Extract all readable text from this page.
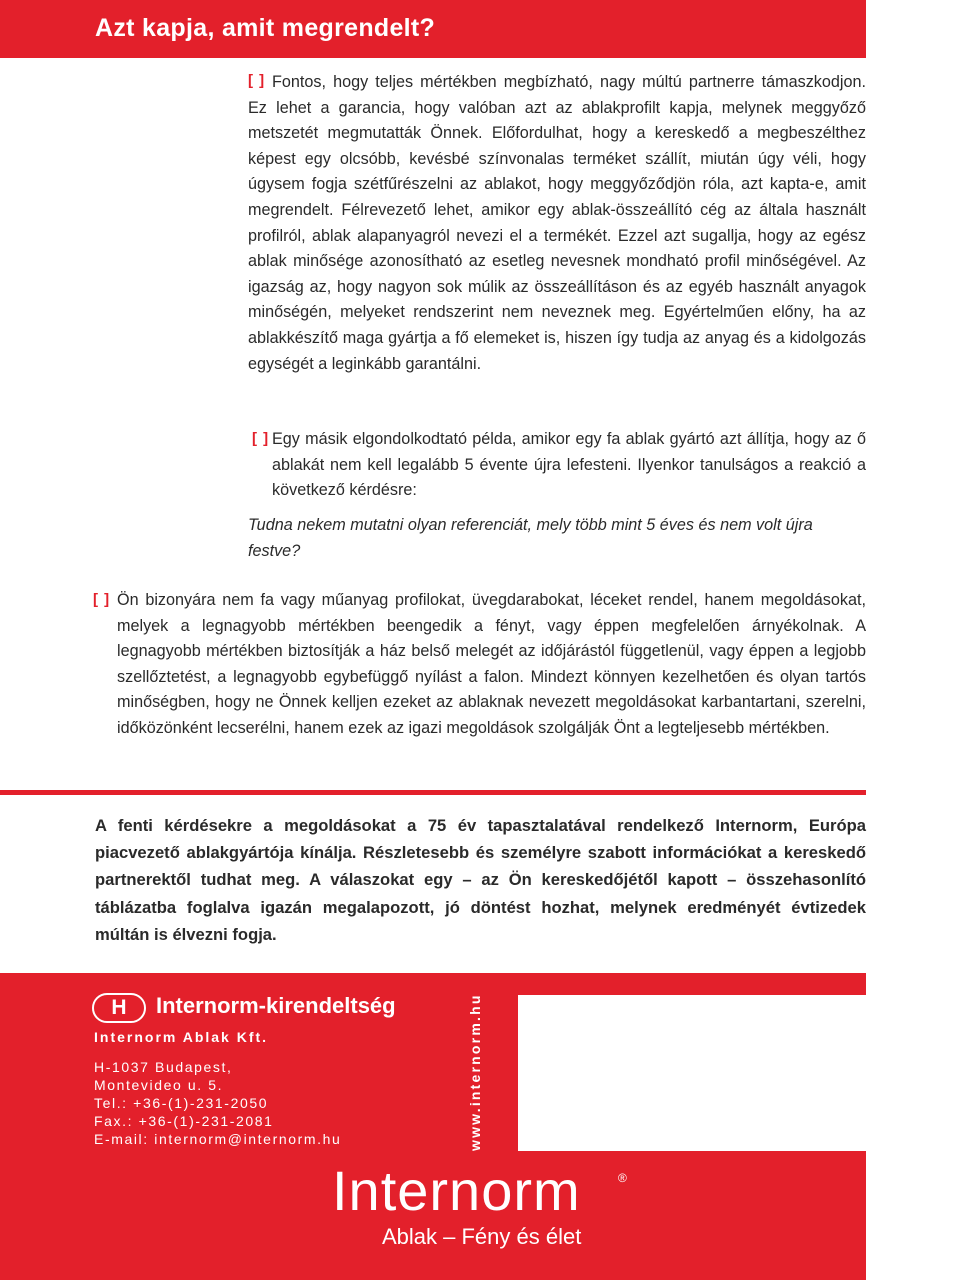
Azt kapja, amit megrendelt?
[ ] Fontos, hogy teljes mértékben megbízható, nagy múltú partnerre támaszkodjon. Ez lehet a garancia, hogy valóban azt az ablakprofilt kapja, melynek meggyőző metszetét megmutatták Önnek. Előfordulhat, hogy a kereskedő a megbeszélthez képest egy olcsóbb, kevésbé színvonalas terméket szállít, miután úgy véli, hogy úgysem fogja szétfűrészelni az ablakot, hogy meggyőződjön róla, azt kapta-e, amit megrendelt. Félrevezető lehet, amikor egy ablak-összeállító cég az általa használt profilról, ablak alapanyagról nevezi el a termékét. Ezzel azt sugallja, hogy az egész ablak minősége azonosítható az esetleg nevesnek mondható profil minőségével. Az igazság az, hogy nagyon sok múlik az összeállításon és az egyéb használt anyagok minőségén, melyeket rendszerint nem neveznek meg. Egyértelműen előny, ha az ablakkészítő maga gyártja a fő elemeket is, hiszen így tudja az anyag és a kidolgozás egységét a leginkább garantálni.

[ ] Egy másik elgondolkodtató példa, amikor egy fa ablak gyártó azt állítja, hogy az ő ablakát nem kell legalább 5 évente újra lefesteni. Ilyenkor tanulságos a reakció a következő kérdésre:

Tudna nekem mutatni olyan referenciát, mely több mint 5 éves és nem volt újra festve?

[ ] Ön bizonyára nem fa vagy műanyag profilokat, üvegdarabokat, léceket rendel, hanem megoldásokat, melyek a legnagyobb mértékben beengedik a fényt, vagy éppen megfelelően árnyékolnak. A legnagyobb mértékben biztosítják a ház belső melegét az időjárástól függetlenül, vagy éppen a legjobb szellőztetést, a legnagyobb egybefüggő nyílást a falon. Mindezt könnyen kezelhetően és olyan tartós minőségben, hogy ne Önnek kelljen ezeket az ablaknak nevezett megoldásokat karbantartani, szerelni, időközönként lecserélni, hanem ezek az igazi megoldások szolgálják Önt a legteljesebb mértékben.

A fenti kérdésekre a megoldásokat a 75 év tapasztalatával rendelkező Internorm, Európa piacvezető ablakgyártója kínálja. Részletesebb és személyre szabott információkat a kereskedő partnerektől tudhat meg. A válaszokat egy – az Ön kereskedőjétől kapott – összehasonlító táblázatba foglalva igazán megalapozott, jó döntést hozhat, melynek eredményét évtizedek múltán is élvezni fogja.

H	Internorm-kirendeltség
Internorm Ablak Kft.
H-1037 Budapest,
Montevideo u. 5.
Tel.: +36-(1)-231-2050
Fax.: +36-(1)-231-2081
E-mail: internorm@internorm.hu	www.internorm.hu
Internorm	®
Ablak – Fény és élet
